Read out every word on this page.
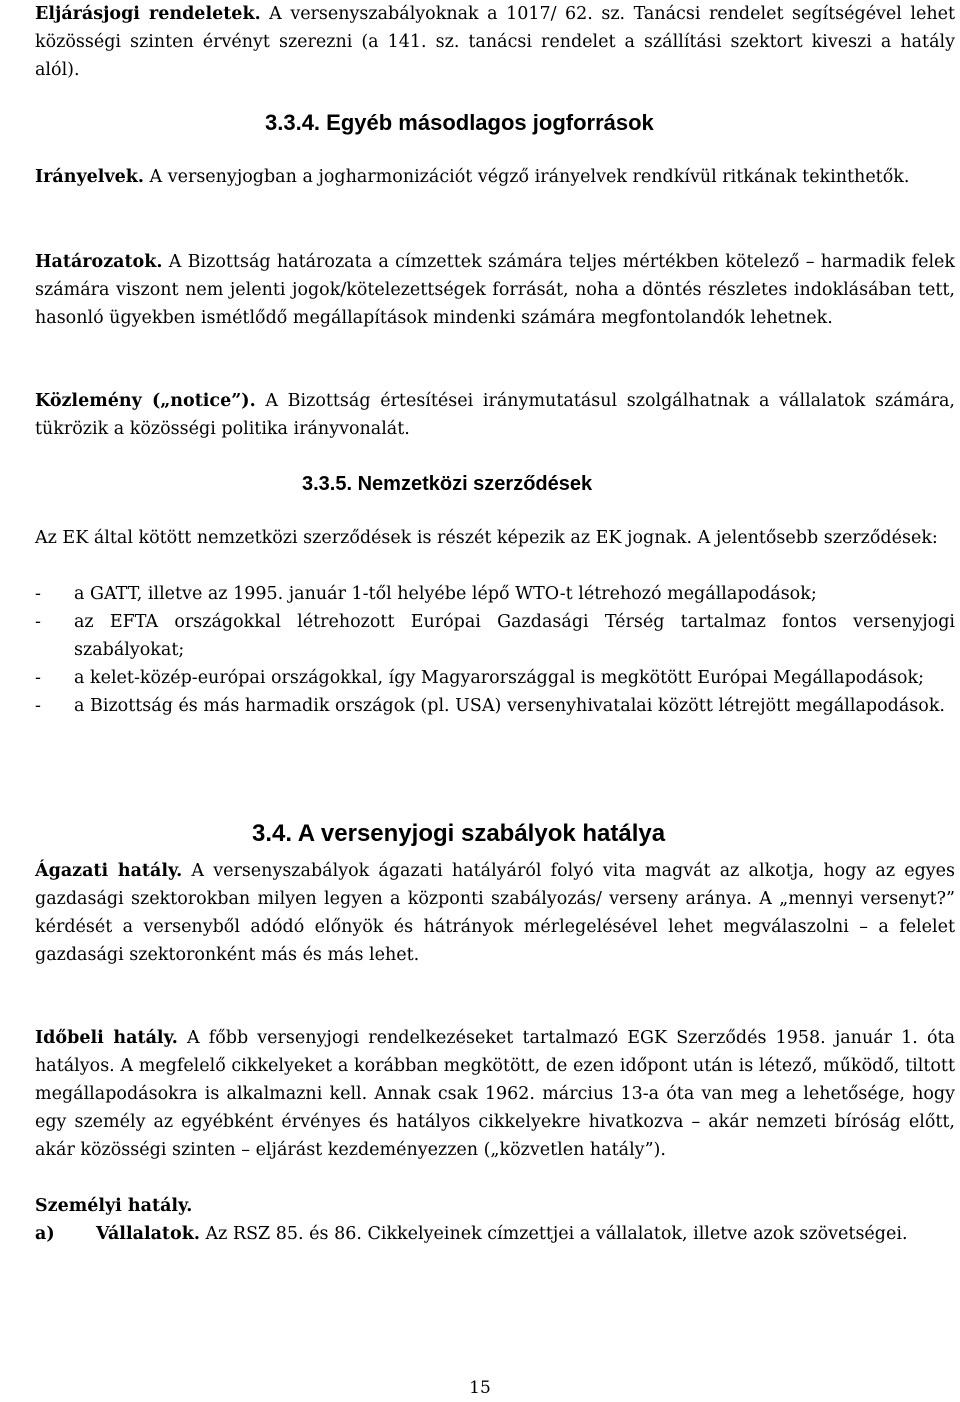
Eljárásjogi rendeletek. A versenyszabályoknak a 1017/ 62. sz. Tanácsi rendelet segítségével lehet közösségi szinten érvényt szerezni (a 141. sz. tanácsi rendelet a szállítási szektort kiveszi a hatály alól).

3.3.4. Egyéb másodlagos jogforrások

Irányelvek. A versenyjogban a jogharmonizációt végző irányelvek rendkívül ritkának tekinthetők.

Határozatok. A Bizottság határozata a címzettek számára teljes mértékben kötelező – harmadik felek számára viszont nem jelenti jogok/kötelezettségek forrását, noha a döntés részletes indoklásában tett, hasonló ügyekben ismétlődő megállapítások mindenki számára megfontolandók lehetnek.

Közlemény („notice”). A Bizottság értesítései iránymutatásul szolgálhatnak a vállalatok számára, tükrözik a közösségi politika irányvonalát.

3.3.5. Nemzetközi szerződések

Az EK által kötött nemzetközi szerződések is részét képezik az EK jognak. A jelentősebb szerződések:

- a GATT, illetve az 1995. január 1-től helyébe lépő WTO-t létrehozó megállapodások;
- az EFTA országokkal létrehozott Európai Gazdasági Térség tartalmaz fontos versenyjogi szabályokat;
- a kelet-közép-európai országokkal, így Magyarországgal is megkötött Európai Megállapodások;
- a Bizottság és más harmadik országok (pl. USA) versenyhivatalai között létrejött megállapodások.
3.4. A versenyjogi szabályok hatálya

Ágazati hatály. A versenyszabályok ágazati hatályáról folyó vita magvát az alkotja, hogy az egyes gazdasági szektorokban milyen legyen a központi szabályozás/ verseny aránya. A „mennyi versenyt?” kérdését a versenyből adódó előnyök és hátrányok mérlegelésével lehet megválaszolni – a felelet gazdasági szektoronként más és más lehet.

Időbeli hatály. A főbb versenyjogi rendelkezéseket tartalmazó EGK Szerződés 1958. január 1. óta hatályos. A megfelelő cikkelyeket a korábban megkötött, de ezen időpont után is létező, működő, tiltott megállapodásokra is alkalmazni kell. Annak csak 1962. március 13-a óta van meg a lehetősége, hogy egy személy az egyébként érvényes és hatályos cikkelyekre hivatkozva – akár nemzeti bíróság előtt, akár közösségi szinten – eljárást kezdeményezzen („közvetlen hatály”).

Személyi hatály.

a) Vállalatok. Az RSZ 85. és 86. Cikkelyeinek címzettjei a vállalatok, illetve azok szövetségei.
15
